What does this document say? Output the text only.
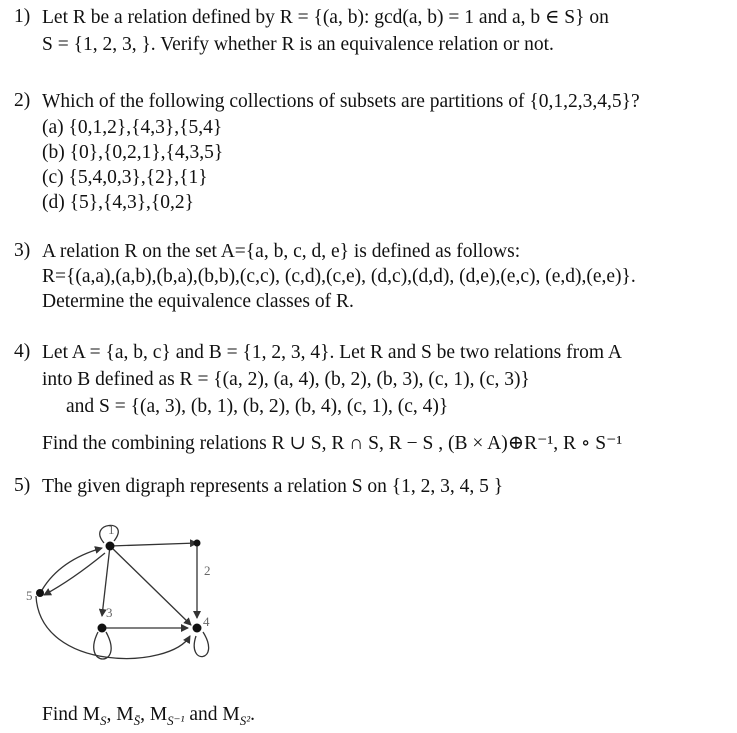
1) Let R be a relation defined by R = {(a, b): gcd(a, b) = 1 and a, b ∈ S} on
S = {1, 2, 3, }. Verify whether R is an equivalence relation or not.
2) Which of the following collections of subsets are partitions of {0,1,2,3,4,5}?
(a) {0,1,2},{4,3},{5,4}
(b) {0},{0,2,1},{4,3,5}
(c) {5,4,0,3},{2},{1}
(d) {5},{4,3},{0,2}
3) A relation R on the set A={a, b, c, d, e} is defined as follows:
R={(a,a),(a,b),(b,a),(b,b),(c,c), (c,d),(c,e), (d,c),(d,d), (d,e),(e,c), (e,d),(e,e)}.
Determine the equivalence classes of R.
4) Let A = {a, b, c} and B = {1, 2, 3, 4}. Let R and S be two relations from A
into B defined as R = {(a, 2), (a, 4), (b, 2), (b, 3), (c, 1), (c, 3)}
and S = {(a, 3), (b, 1), (b, 2), (b, 4), (c, 1), (c, 4)}
Find the combining relations R ∪ S, R ∩ S, R − S , (B × A)⊕R⁻¹, R ∘ S⁻¹
5) The given digraph represents a relation S on {1, 2, 3, 4, 5 }
1
2
3
4
5
Find $M_S$, $M_{S̄}$, $M_{S^{-1}}$ and $M_{S^2}$.
